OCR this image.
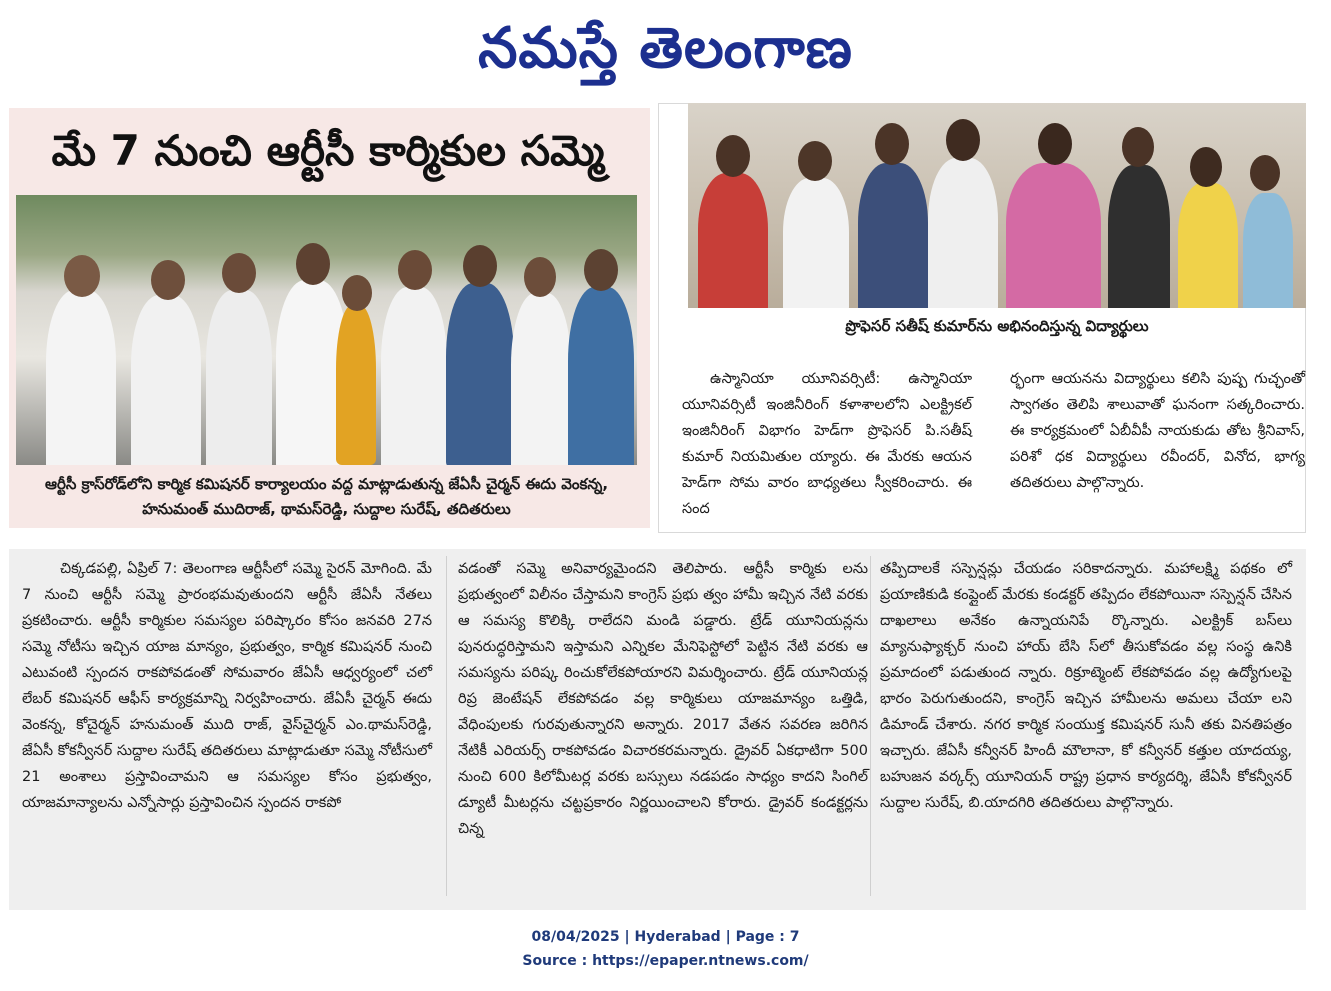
నమస్తే తెలంగాణ
మే 7 నుంచి ఆర్టీసీ కార్మికుల సమ్మె
ఆర్టీసీ క్రాస్‌రోడ్‌లోని కార్మిక కమిషనర్ కార్యాలయం వద్ద మాట్లాడుతున్న జేఏసీ చైర్మన్ ఈదు వెంకన్న, హనుమంత్ ముదిరాజ్, థామస్‌రెడ్డి, సుద్దాల సురేష్, తదితరులు
ప్రొఫెసర్ సతీష్ కుమార్‌ను అభినందిస్తున్న విద్యార్థులు
ఉస్మానియా యూనివర్సిటీ: ఉస్మానియా యూనివర్సిటీ ఇంజినీరింగ్ కళాశాలలోని ఎలక్ట్రికల్ ఇంజినీరింగ్ విభాగం హెడ్‌గా ప్రొఫెసర్ పి.సతీష్ కుమార్ నియమితుల య్యారు. ఈ మేరకు ఆయన హెడ్‌గా సోమ వారం బాధ్యతలు స్వీకరించారు. ఈ సంద
ర్భంగా ఆయనను విద్యార్థులు కలిసి పుష్ప గుచ్ఛంతో స్వాగతం తెలిపి శాలువాతో ఘనంగా సత్కరించారు. ఈ కార్యక్రమంలో ఏబీవీపీ నాయకుడు తోట శ్రీనివాస్, పరిశో ధక విద్యార్థులు రవీందర్, వినోద, భాగ్య తదితరులు పాల్గొన్నారు.
చిక్కడపల్లి, ఏప్రిల్ 7: తెలంగాణ ఆర్టీసీలో సమ్మె సైరన్ మోగింది. మే 7 నుంచి ఆర్టీసీ సమ్మె ప్రారంభమవుతుందని ఆర్టీసీ జేఏసీ నేతలు ప్రకటించారు. ఆర్టీసీ కార్మికుల సమస్యల పరిష్కారం కోసం జనవరి 27న సమ్మె నోటీసు ఇచ్చిన యాజ మాన్యం, ప్రభుత్వం, కార్మిక కమిషనర్ నుంచి ఎటువంటి స్పందన రాకపోవడంతో సోమవారం జేఏసీ ఆధ్వర్యంలో చలో లేబర్ కమిషనర్ ఆఫీస్ కార్యక్రమాన్ని నిర్వహించారు. జేఏసీ చైర్మన్ ఈదు వెంకన్న, కోచైర్మన్ హనుమంత్ ముది రాజ్, వైస్‌చైర్మన్ ఎం.థామస్‌రెడ్డి, జేఏసీ కోకన్వీనర్ సుద్దాల సురేష్ తదితరులు మాట్లాడుతూ సమ్మె నోటీసులో 21 అంశాలు ప్రస్తావించామని ఆ సమస్యల కోసం ప్రభుత్వం, యాజమాన్యాలను ఎన్నోసార్లు ప్రస్తావించిన స్పందన రాకపో
వడంతో సమ్మె అనివార్యమైందని తెలిపారు. ఆర్టీసీ కార్మికు లను ప్రభుత్వంలో విలీనం చేస్తామని కాంగ్రెస్ ప్రభు త్వం హామీ ఇచ్చిన నేటి వరకు ఆ సమస్య కొలిక్కి రాలేదని మండి పడ్డారు. ట్రేడ్ యూనియన్లను పునరుద్ధరిస్తామని ఇస్తామని ఎన్నికల మేనిఫెస్టోలో పెట్టిన నేటి వరకు ఆ సమస్యను పరిష్క రించుకోలేకపోయారని విమర్శించారు. ట్రేడ్ యూనియన్ల రిప్ర జెంటేషన్ లేకపోవడం వల్ల కార్మికులు యాజమాన్యం ఒత్తిడి, వేధింపులకు గురవుతున్నారని అన్నారు. 2017 వేతన సవరణ జరిగిన నేటికీ ఎరియర్స్ రాకపోవడం విచారకరమన్నారు. డ్రైవర్ ఏకధాటిగా 500 నుంచి 600 కిలోమీటర్ల వరకు బస్సులు నడపడం సాధ్యం కాదని సింగిల్ డ్యూటీ మీటర్లను చట్టప్రకారం నిర్ణయించాలని కోరారు. డ్రైవర్ కండక్టర్లను చిన్న
తప్పిదాలకే సస్పెన్షన్లు చేయడం సరికాదన్నారు. మహాలక్ష్మి పథకం లో ప్రయాణికుడి కంప్లైంట్ మేరకు కండక్టర్ తప్పిదం లేకపోయినా సస్పెన్షన్ చేసిన దాఖలాలు అనేకం ఉన్నాయనిపే ర్కొన్నారు. ఎలక్ట్రిక్ బస్‌లు మ్యానుఫ్యాక్చర్ నుంచి హాయ్ బేసి స్‌లో తీసుకోవడం వల్ల సంస్థ ఉనికి ప్రమాదంలో పడుతుంద న్నారు. రిక్రూట్మెంట్ లేకపోవడం వల్ల ఉద్యోగులపై భారం పెరుగుతుందని, కాంగ్రెస్ ఇచ్చిన హామీలను అమలు చేయా లని డిమాండ్ చేశారు. నగర కార్మిక సంయుక్త కమిషనర్ సునీ తకు వినతిపత్రం ఇచ్చారు. జేఏసీ కన్వీనర్ హిందీ మౌలానా, కో కన్వీనర్ కత్తుల యాదయ్య, బహుజన వర్కర్స్ యూనియన్ రాష్ట్ర ప్రధాన కార్యదర్శి, జేఏసీ కోకన్వీనర్ సుద్దాల సురేష్, బి.యాదగిరి తదితరులు పాల్గొన్నారు.
08/04/2025 | Hyderabad | Page : 7
Source : https://epaper.ntnews.com/
